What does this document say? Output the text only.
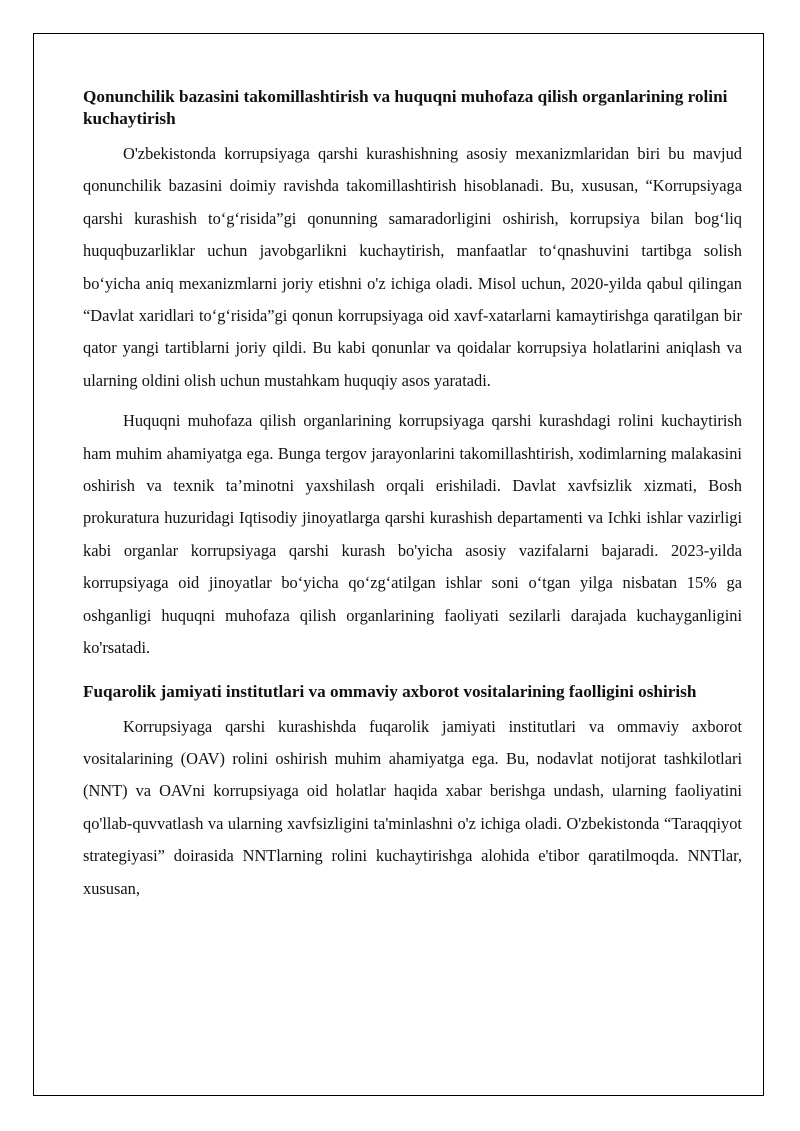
Qonunchilik bazasini takomillashtirish va huquqni muhofaza qilish organlarining rolini kuchaytirish

O'zbekistonda korrupsiyaga qarshi kurashishning asosiy mexanizmlaridan biri bu mavjud qonunchilik bazasini doimiy ravishda takomillashtirish hisoblanadi. Bu, xususan, “Korrupsiyaga qarshi kurashish to‘g‘risida”gi qonunning samaradorligini oshirish, korrupsiya bilan bog‘liq huquqbuzarliklar uchun javobgarlikni kuchaytirish, manfaatlar to‘qnashuvini tartibga solish bo‘yicha aniq mexanizmlarni joriy etishni o'z ichiga oladi. Misol uchun, 2020-yilda qabul qilingan “Davlat xaridlari to‘g‘risida”gi qonun korrupsiyaga oid xavf-xatarlarni kamaytirishga qaratilgan bir qator yangi tartiblarni joriy qildi. Bu kabi qonunlar va qoidalar korrupsiya holatlarini aniqlash va ularning oldini olish uchun mustahkam huquqiy asos yaratadi.

Huquqni muhofaza qilish organlarining korrupsiyaga qarshi kurashdagi rolini kuchaytirish ham muhim ahamiyatga ega. Bunga tergov jarayonlarini takomillashtirish, xodimlarning malakasini oshirish va texnik ta’minotni yaxshilash orqali erishiladi. Davlat xavfsizlik xizmati, Bosh prokuratura huzuridagi Iqtisodiy jinoyatlarga qarshi kurashish departamenti va Ichki ishlar vazirligi kabi organlar korrupsiyaga qarshi kurash bo'yicha asosiy vazifalarni bajaradi. 2023-yilda korrupsiyaga oid jinoyatlar bo‘yicha qo‘zg‘atilgan ishlar soni o‘tgan yilga nisbatan 15% ga oshganligi huquqni muhofaza qilish organlarining faoliyati sezilarli darajada kuchayganligini ko'rsatadi.

Fuqarolik jamiyati institutlari va ommaviy axborot vositalarining faolligini oshirish

Korrupsiyaga qarshi kurashishda fuqarolik jamiyati institutlari va ommaviy axborot vositalarining (OAV) rolini oshirish muhim ahamiyatga ega. Bu, nodavlat notijorat tashkilotlari (NNT) va OAVni korrupsiyaga oid holatlar haqida xabar berishga undash, ularning faoliyatini qo'llab-quvvatlash va ularning xavfsizligini ta'minlashni o'z ichiga oladi. O'zbekistonda “Taraqqiyot strategiyasi” doirasida NNTlarning rolini kuchaytirishga alohida e'tibor qaratilmoqda. NNTlar, xususan,
